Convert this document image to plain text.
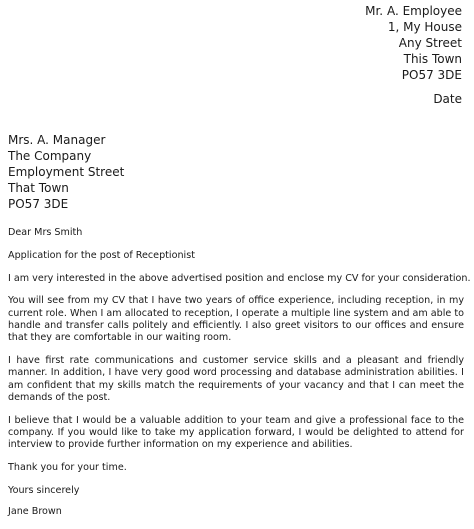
Mr. A. Employee
1, My House
Any Street
This Town
PO57 3DE
Date
Mrs. A. Manager
The Company
Employment Street
That Town
PO57 3DE

Dear Mrs Smith

Application for the post of Receptionist

I am very interested in the above advertised position and enclose my CV for your consideration.

You will see from my CV that I have two years of office experience, including reception, in my current role. When I am allocated to reception, I operate a multiple line system and am able to handle and transfer calls politely and efficiently. I also greet visitors to our offices and ensure that they are comfortable in our waiting room.

I have first rate communications and customer service skills and a pleasant and friendly manner. In addition, I have very good word processing and database administration abilities. I am confident that my skills match the requirements of your vacancy and that I can meet the demands of the post.

I believe that I would be a valuable addition to your team and give a professional face to the company. If you would like to take my application forward, I would be delighted to attend for interview to provide further information on my experience and abilities.

Thank you for your time.

Yours sincerely

Jane Brown
